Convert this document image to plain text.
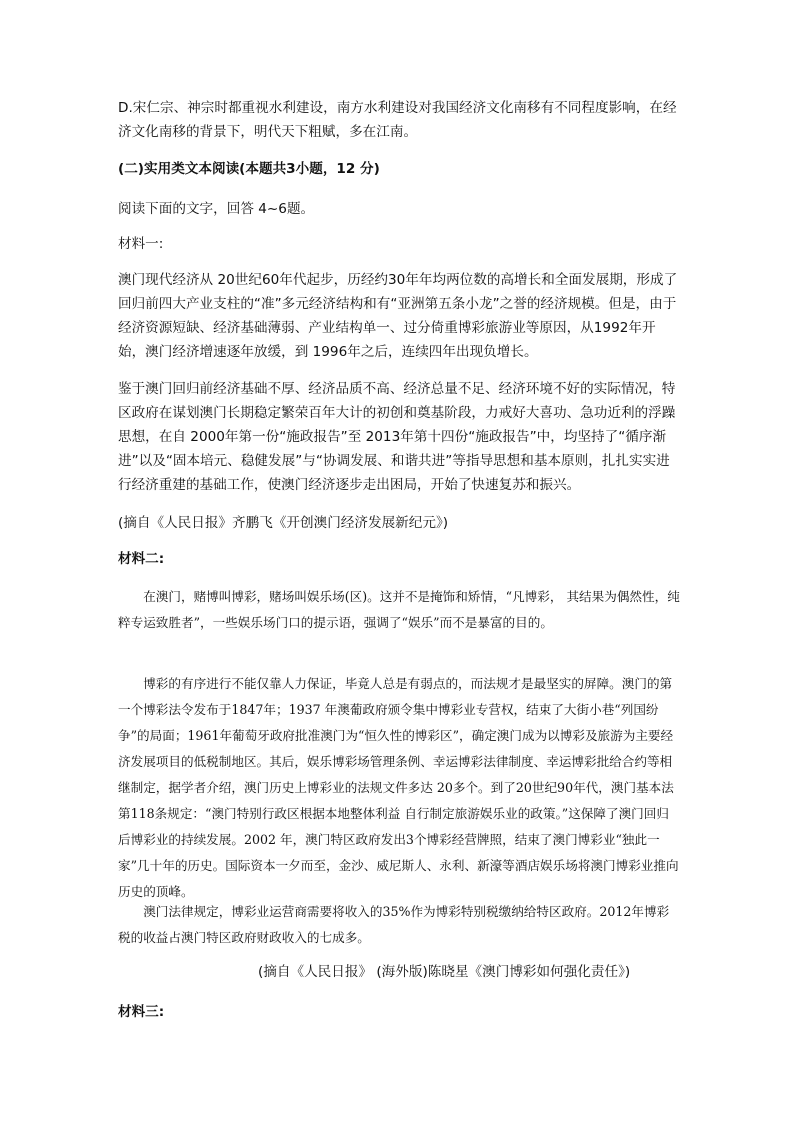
D.宋仁宗、神宗时都重视水利建设，南方水利建设对我国经济文化南移有不同程度影响，在经济文化南移的背景下，明代天下粗赋，多在江南。

(二)实用类文本阅读(本题共3小题，12 分)

阅读下面的文字，回答 4~6题。

材料一:

澳门现代经济从 20世纪60年代起步，历经约30年年均两位数的高增长和全面发展期，形成了回归前四大产业支柱的“准”多元经济结构和有“亚洲第五条小龙”之誉的经济规模。但是，由于经济资源短缺、经济基础薄弱、产业结构单一、过分倚重博彩旅游业等原因，从1992年开始，澳门经济增速逐年放缓，到 1996年之后，连续四年出现负增长。

鉴于澳门回归前经济基础不厚、经济品质不高、经济总量不足、经济环境不好的实际情况，特区政府在谋划澳门长期稳定繁荣百年大计的初创和奠基阶段，力戒好大喜功、急功近利的浮躁思想，在自 2000年第一份“施政报告”至 2013年第十四份“施政报告”中，均坚持了“循序渐进”以及“固本培元、稳健发展”与“协调发展、和谐共进”等指导思想和基本原则，扎扎实实进行经济重建的基础工作，使澳门经济逐步走出困局，开始了快速复苏和振兴。

(摘自《人民日报》齐鹏飞《开创澳门经济发展新纪元》)

材料二:

在澳门，赌博叫博彩，赌场叫娱乐场(区)。这并不是掩饰和矫情，“凡博彩， 其结果为偶然性，纯粹专运致胜者”，一些娱乐场门口的提示语，强调了“娱乐”而不是暴富的目的。

博彩的有序进行不能仅靠人力保证，毕竟人总是有弱点的，而法规才是最坚实的屏障。澳门的第一个博彩法令发布于1847年；1937 年澳葡政府颁令集中博彩业专营权，结束了大街小巷“列国纷争”的局面；1961年葡萄牙政府批准澳门为“恒久性的博彩区”，确定澳门成为以博彩及旅游为主要经济发展项目的低税制地区。其后，娱乐博彩场管理条例、幸运博彩法律制度、幸运博彩批给合约等相继制定，据学者介绍，澳门历史上博彩业的法规文件多达 20多个。到了20世纪90年代，澳门基本法第118条规定：“澳门特别行政区根据本地整体利益 自行制定旅游娱乐业的政策。”这保障了澳门回归后博彩业的持续发展。2002 年，澳门特区政府发出3个博彩经营牌照，结束了澳门博彩业“独此一家”几十年的历史。国际资本一夕而至，金沙、威尼斯人、永利、新濠等酒店娱乐场将澳门博彩业推向历史的顶峰。

澳门法律规定，博彩业运营商需要将收入的35%作为博彩特别税缴纳给特区政府。2012年博彩税的收益占澳门特区政府财政收入的七成多。

(摘自《人民日报》 (海外版)陈晓星《澳门博彩如何强化责任》)

材料三:
